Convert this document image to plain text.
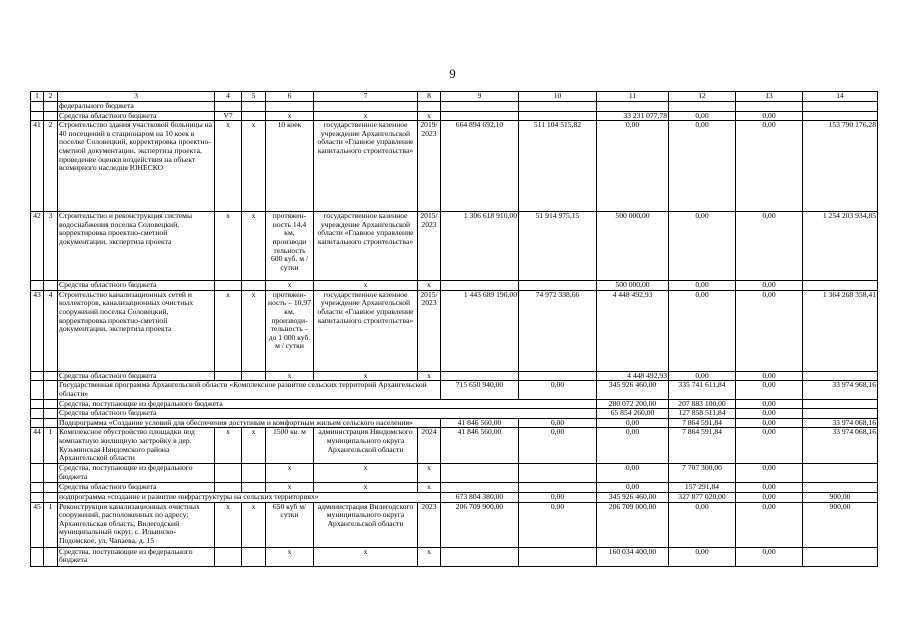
9
1	2	3	4	5	6	7	8	9	10	11	12	13	14
		федерального бюджета											
		Средства областного бюджета	V7		х	х	х			33 231 077,78	0,00	0,00	
41	2	Строительство здания участковой больницы на 40 посещений в стационаром на 10 коек в поселке Соловецкий, корректировка проектно-сметной документации, экспертиза проекта, проведение оценки воздействия на объект всемирного наследия ЮНЕСКО	х	х	10 коек	государственное казенное учреждение Архангельской области «Главное управление капитального строительства»	2019/ 2023	664 894 692,10	511 104 515,82	0,00	0,00	0,00	153 790 176,28
42	3	Строительство и реконструкция системы водоснабжения поселка Соловецкий, корректировка проектно-сметной документации, экспертиза проекта	х	х	протяжен-ность 14,4 км, производи тельность 600 куб. м / сутки	государственное казенное учреждение Архангельской области «Главное управление капитального строительства»	2015/ 2023	1 306 618 910,00	51 914 975,15	500 000,00	0,00	0,00	1 254 203 934,85
		Средства областного бюджета			х	х	х			500 000,00	0,00	0,00	
43	4	Строительство канализационных сетей и коллекторов, канализационных очистных сооружений поселка Соловецкий, корректировка проектно-сметной документации, экспертиза проекта	х	х	протяжен-ность – 10,97 км, производи-тельность – до 1 000 куб. м / сутки	государственное казенное учреждение Архангельской области «Главное управление капитального строительства»	2015/ 2023	1 443 689 190,00	74 972 338,66	4 448 492,93	0,00	0,00	1 364 268 358,41
		Средства областного бюджета			х	х	х			4 448 492,93	0,00	0,00	
		Государственная программа Архангельской области «Комплексное развитие сельских территорий Архангельской области»						715 650 940,00	0,00	345 926 460,00	335 741 611,84	0,00	33 974 968,16
		Средства, поступающие из федерального бюджета								280 072 200,00	207 883 100,00	0,00	
		Средства областного бюджета								65 854 260,00	127 858 511,84	0,00	
		Подпрограмма «Создание условий для обеспечения доступным и комфортным жильем сельского населения»						41 846 560,00	0,00	0,00	7 864 591,84	0,00	33 974 068,16
44	1	Комплексное обустройство площадки под компактную жилищную застройку в дер. Кузьминская Няндомского района Архангельской области	х	х	1500 кв. м	администрация Няндомского муниципального округа Архангельской области	2024	41 846 560,00	0,00	0,00	7 864 591,84	0,00	33 974 068,16
		Средства, поступающие из федерального бюджета			х	х	х			0,00	7 707 300,00	0,00	
		Средства областного бюджета			х	х	х			0,00	157 291,84	0,00	
		подпрограмма «создание и развитие инфраструктуры на сельских территориях»						673 804 380,00	0,00	345 926 460,00	327 877 020,00	0,00	900,00
45	1	Реконструкция канализационных очистных сооружений, расположенных по адресу: Архангельская область, Вилегодский муниципальный округ, с. Ильинско-Подомское, ул. Чапаева, д. 15	х	х	650 куб м/сутки	администрация Вилегодского муниципального округа Архангельской области	2023	206 709 900,00	0,00	206 709 000,00	0,00	0,00	900,00
		Средства, поступающие из федерального бюджета			х	х	х			160 034 400,00	0,00	0,00	
